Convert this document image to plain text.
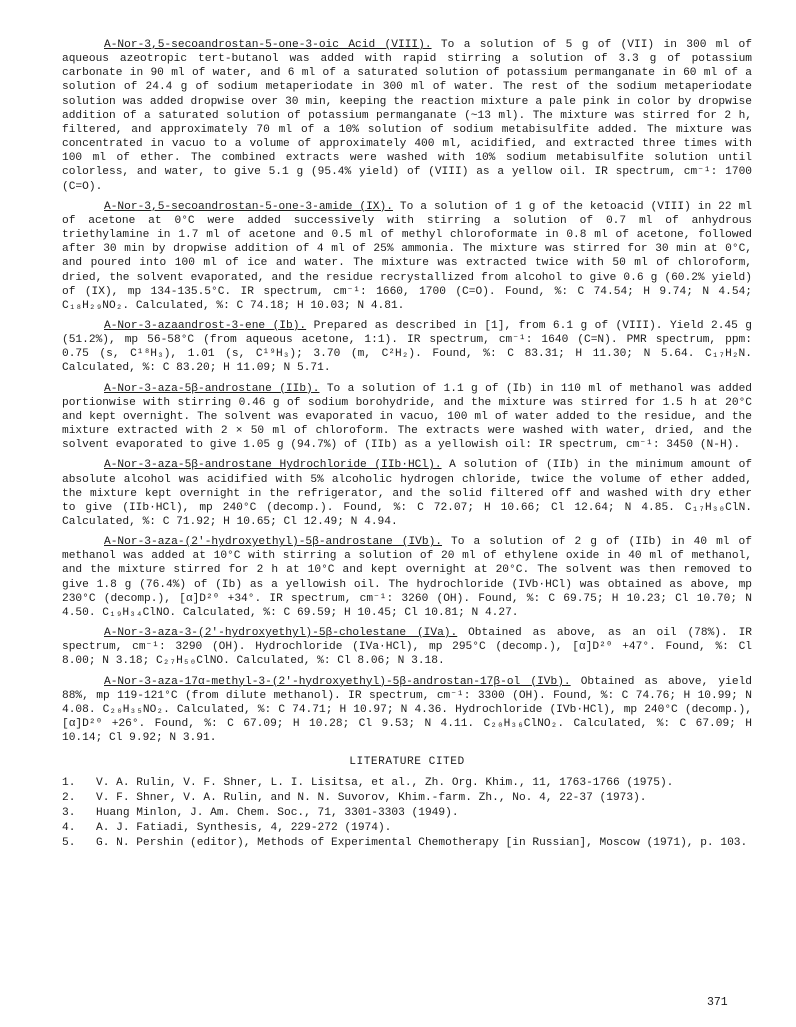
A-Nor-3,5-secoandrostan-5-one-3-oic Acid (VIII). To a solution of 5 g of (VII) in 300 ml of aqueous azeotropic tert-butanol was added with rapid stirring a solution of 3.3 g of potassium carbonate in 90 ml of water, and 6 ml of a saturated solution of potassium permanganate in 60 ml of a solution of 24.4 g of sodium metaperiodate in 300 ml of water. The rest of the sodium metaperiodate solution was added dropwise over 30 min, keeping the reaction mixture a pale pink in color by dropwise addition of a saturated solution of potassium permanganate (~13 ml). The mixture was stirred for 2 h, filtered, and approximately 70 ml of a 10% solution of sodium metabisulfite added. The mixture was concentrated in vacuo to a volume of approximately 400 ml, acidified, and extracted three times with 100 ml of ether. The combined extracts were washed with 10% sodium metabisulfite solution until colorless, and water, to give 5.1 g (95.4% yield) of (VIII) as a yellow oil. IR spectrum, cm⁻¹: 1700 (C=O).

A-Nor-3,5-secoandrostan-5-one-3-amide (IX). To a solution of 1 g of the ketoacid (VIII) in 22 ml of acetone at 0°C were added successively with stirring a solution of 0.7 ml of anhydrous triethylamine in 1.7 ml of acetone and 0.5 ml of methyl chloroformate in 0.8 ml of acetone, followed after 30 min by dropwise addition of 4 ml of 25% ammonia. The mixture was stirred for 30 min at 0°C, and poured into 100 ml of ice and water. The mixture was extracted twice with 50 ml of chloroform, dried, the solvent evaporated, and the residue recrystallized from alcohol to give 0.6 g (60.2% yield) of (IX), mp 134-135.5°C. IR spectrum, cm⁻¹: 1660, 1700 (C=O). Found, %: C 74.54; H 9.74; N 4.54; C₁₈H₂₉NO₂. Calculated, %: C 74.18; H 10.03; N 4.81.

A-Nor-3-azaandrost-3-ene (Ib). Prepared as described in [1], from 6.1 g of (VIII). Yield 2.45 g (51.2%), mp 56-58°C (from aqueous acetone, 1:1). IR spectrum, cm⁻¹: 1640 (C=N). PMR spectrum, ppm: 0.75 (s, C¹⁸H₃), 1.01 (s, C¹⁹H₃); 3.70 (m, C²H₂). Found, %: C 83.31; H 11.30; N 5.64. C₁₇H₂N. Calculated, %: C 83.20; H 11.09; N 5.71.

A-Nor-3-aza-5β-androstane (IIb). To a solution of 1.1 g of (Ib) in 110 ml of methanol was added portionwise with stirring 0.46 g of sodium borohydride, and the mixture was stirred for 1.5 h at 20°C and kept overnight. The solvent was evaporated in vacuo, 100 ml of water added to the residue, and the mixture extracted with 2 × 50 ml of chloroform. The extracts were washed with water, dried, and the solvent evaporated to give 1.05 g (94.7%) of (IIb) as a yellowish oil: IR spectrum, cm⁻¹: 3450 (N-H).

A-Nor-3-aza-5β-androstane Hydrochloride (IIb·HCl). A solution of (IIb) in the minimum amount of absolute alcohol was acidified with 5% alcoholic hydrogen chloride, twice the volume of ether added, the mixture kept overnight in the refrigerator, and the solid filtered off and washed with dry ether to give (IIb·HCl), mp 240°C (decomp.). Found, %: C 72.07; H 10.66; Cl 12.64; N 4.85. C₁₇H₃₀ClN. Calculated, %: C 71.92; H 10.65; Cl 12.49; N 4.94.

A-Nor-3-aza-(2'-hydroxyethyl)-5β-androstane (IVb). To a solution of 2 g of (IIb) in 40 ml of methanol was added at 10°C with stirring a solution of 20 ml of ethylene oxide in 40 ml of methanol, and the mixture stirred for 2 h at 10°C and kept overnight at 20°C. The solvent was then removed to give 1.8 g (76.4%) of (Ib) as a yellowish oil. The hydrochloride (IVb·HCl) was obtained as above, mp 230°C (decomp.), [α]D²⁰ +34°. IR spectrum, cm⁻¹: 3260 (OH). Found, %: C 69.75; H 10.23; Cl 10.70; N 4.50. C₁₉H₃₄ClNO. Calculated, %: C 69.59; H 10.45; Cl 10.81; N 4.27.

A-Nor-3-aza-3-(2'-hydroxyethyl)-5β-cholestane (IVa). Obtained as above, as an oil (78%). IR spectrum, cm⁻¹: 3290 (OH). Hydrochloride (IVa·HCl), mp 295°C (decomp.), [α]D²⁰ +47°. Found, %: Cl 8.00; N 3.18; C₂₇H₅₀ClNO. Calculated, %: Cl 8.06; N 3.18.

A-Nor-3-aza-17α-methyl-3-(2'-hydroxyethyl)-5β-androstan-17β-ol (IVb). Obtained as above, yield 88%, mp 119-121°C (from dilute methanol). IR spectrum, cm⁻¹: 3300 (OH). Found, %: C 74.76; H 10.99; N 4.08. C₂₀H₃₅NO₂. Calculated, %: C 74.71; H 10.97; N 4.36. Hydrochloride (IVb·HCl), mp 240°C (decomp.), [α]D²⁰ +26°. Found, %: C 67.09; H 10.28; Cl 9.53; N 4.11. C₂₀H₃₆ClNO₂. Calculated, %: C 67.09; H 10.14; Cl 9.92; N 3.91.

LITERATURE CITED
1.	V. A. Rulin, V. F. Shner, L. I. Lisitsa, et al., Zh. Org. Khim., 11, 1763-1766 (1975).
2.	V. F. Shner, V. A. Rulin, and N. N. Suvorov, Khim.-farm. Zh., No. 4, 22-37 (1973).
3.	Huang Minlon, J. Am. Chem. Soc., 71, 3301-3303 (1949).
4.	A. J. Fatiadi, Synthesis, 4, 229-272 (1974).
5.	G. N. Pershin (editor), Methods of Experimental Chemotherapy [in Russian], Moscow (1971), p. 103.
371
